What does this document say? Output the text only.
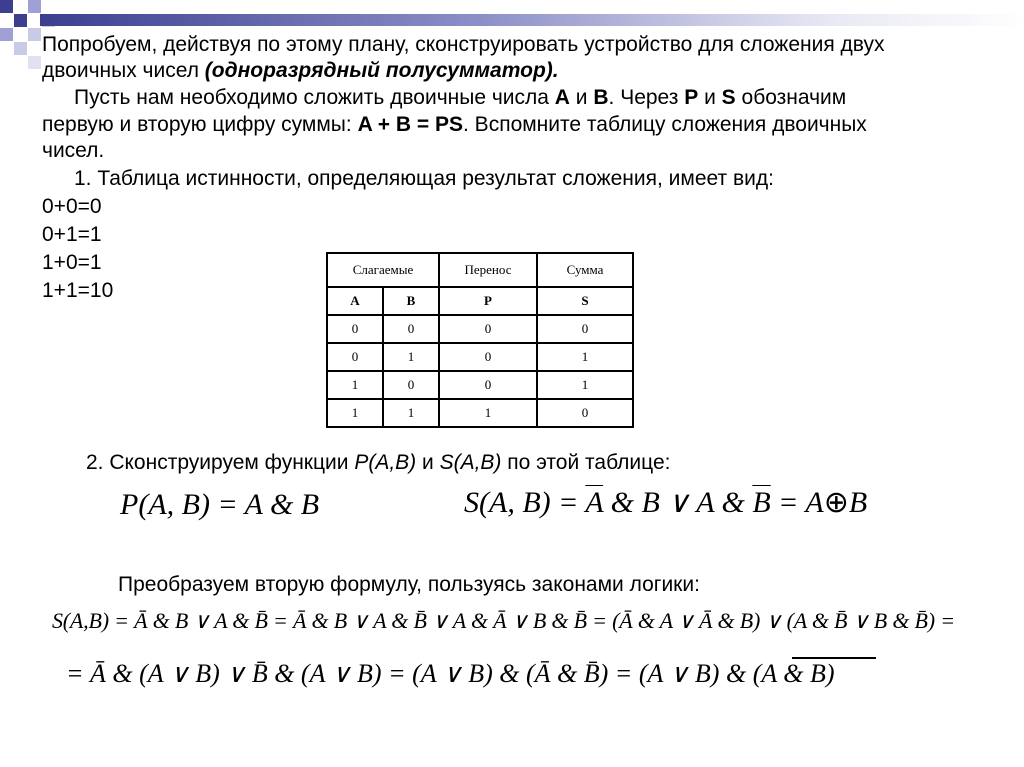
Попробуем, действуя по этому плану, сконструировать устройство для сложения двух
двоичных чисел (одноразрядный полусумматор).
Пусть нам необходимо сложить двоичные числа A и B. Через P и S обозначим
первую и вторую цифру суммы: A + B = PS. Вспомните таблицу сложения двоичных
чисел.
1. Таблица истинности, определяющая результат сложения, имеет вид:
0+0=0
0+1=1
1+0=1
1+1=10
Слагаемые		Перенос	Сумма
A	B	P	S
0	0	0	0
0	1	0	1
1	0	0	1
1	1	1	0
2. Сконструируем функции P(A,B) и S(A,B) по этой таблице:
P(A, B) = A & B	S(A, $B) = \overline{A}$ & B ∨ A & $\overline{B}$ = A⊕B
Преобразуем вторую формулу, пользуясь законами логики:
S(A,B) = Ā & B ∨ A & B̄ = Ā & B ∨ A & B̄ ∨ A & Ā ∨ B & B̄ = (Ā & A ∨ Ā & B) ∨ (A & B̄ ∨ B & B̄) =
= Ā & (A ∨ B) ∨ B̄ & (A ∨ B) = (A ∨ B) & (Ā & B̄) = (A ∨ B) & (A & B)
